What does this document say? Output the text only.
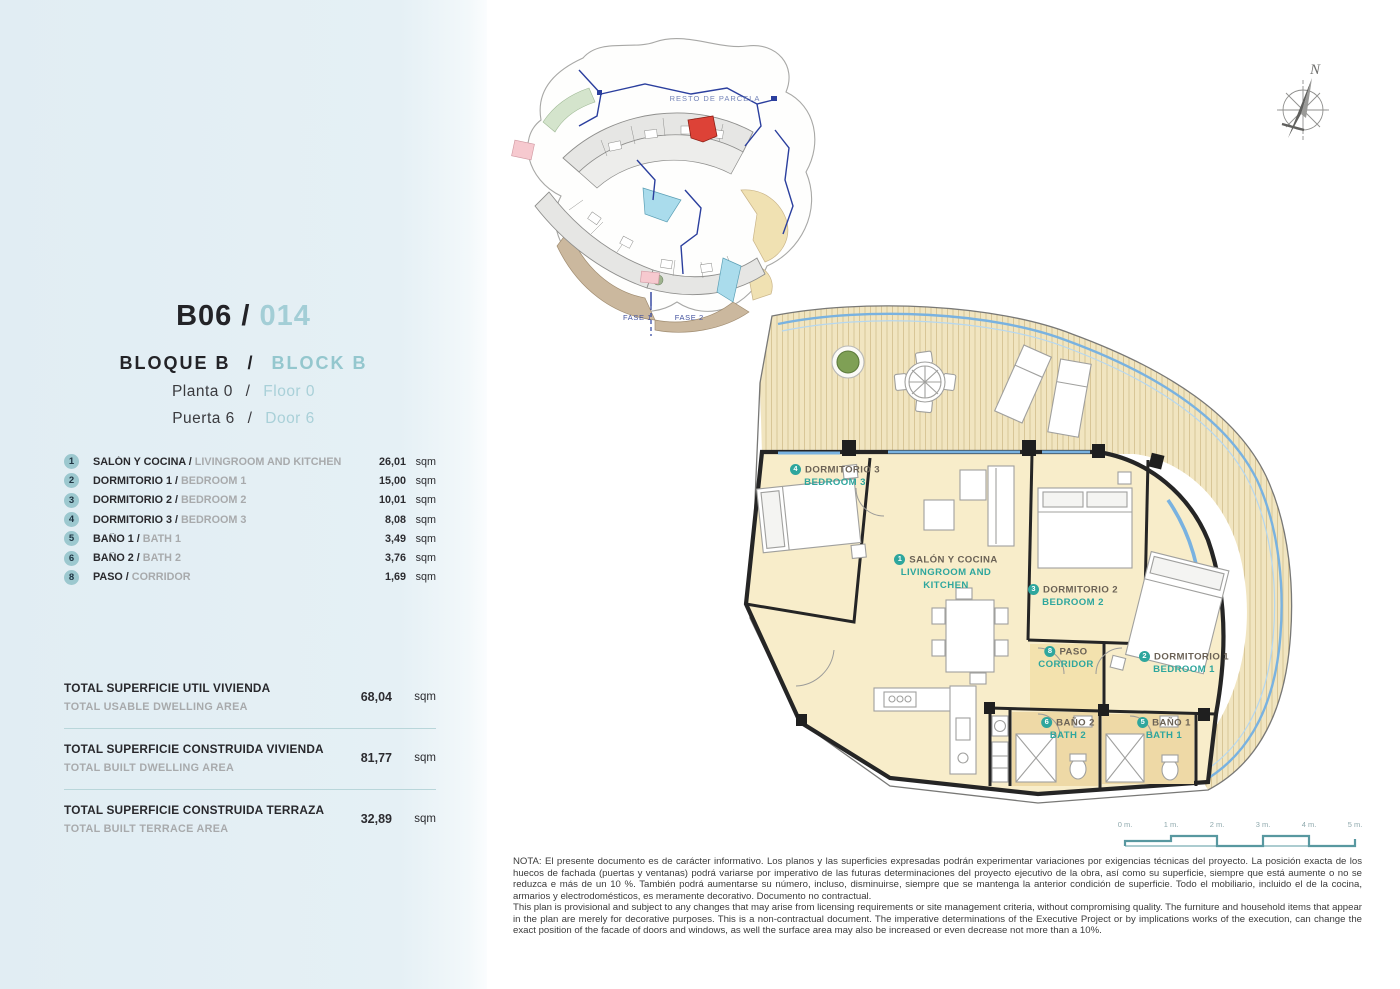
B06 / 014
BLOQUE B / BLOCK B
Planta 0 / Floor 0
Puerta 6 / Door 6
1	SALÓN Y COCINA / LIVINGROOM AND KITCHEN	26,01 sqm
2	DORMITORIO 1 / BEDROOM 1	15,00 sqm
3	DORMITORIO 2 / BEDROOM 2	10,01 sqm
4	DORMITORIO 3 / BEDROOM 3	8,08 sqm
5	BAÑO 1 / BATH 1	3,49 sqm
6	BAÑO 2 / BATH 2	3,76 sqm
8	PASO / CORRIDOR	1,69 sqm
TOTAL SUPERFICIE UTIL VIVIENDA
TOTAL USABLE DWELLING AREA
68,04	sqm
TOTAL SUPERFICIE CONSTRUIDA VIVIENDA
TOTAL BUILT DWELLING AREA
81,77	sqm
TOTAL SUPERFICIE CONSTRUIDA TERRAZA
TOTAL BUILT TERRACE AREA
32,89	sqm
RESTO DE PARCELA
FASE 1	FASE 2
N
4 DORMITORIO 3
BEDROOM 3
1 SALÓN Y COCINA
LIVINGROOM AND KITCHEN	3 DORMITORIO 2
BEDROOM 2
2 DORMITORIO 1
BEDROOM 1
8 PASO
CORRIDOR
6 BAÑO 2
BATH 2
5 BAÑO 1
BATH 1
0 m.	1 m.	2 m.	3 m.	4 m.	5 m.

NOTA: El presente documento es de carácter informativo. Los planos y las superficies expresadas podrán experimentar variaciones por exigencias técnicas del proyecto. La posición exacta de los huecos de fachada (puertas y ventanas) podrá variarse por imperativo de las futuras determinaciones del proyecto ejecutivo de la obra, así como su superficie, siempre que está aumente o no se reduzca e más de un 10 %. También podrá aumentarse su número, incluso, disminuirse, siempre que se mantenga la anterior condición de superficie. Todo el mobiliario, incluido el de la cocina, armarios y electrodomésticos, es meramente decorativo. Documento no contractual.

This plan is provisional and subject to any changes that may arise from licensing requirements or site management criteria, without compromising quality. The furniture and household items that appear in the plan are merely for decorative purposes. This is a non-contractual document. The imperative determinations of the Executive Project or by implications works of the execution, can change the exact position of the facade of doors and windows, as well the surface area may also be increased or even decrease not more than a 10%.
